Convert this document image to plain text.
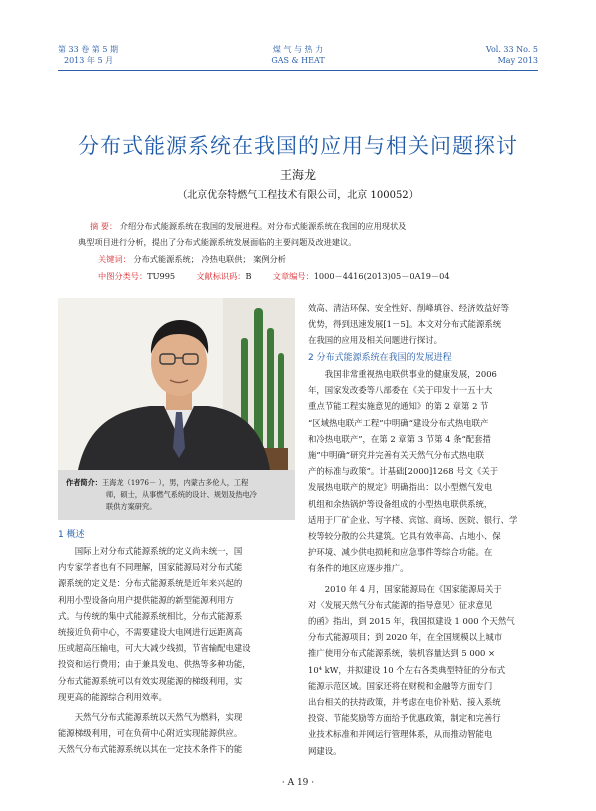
第 33 卷 第 5 期
2013 年 5 月
煤 气 与 热 力
GAS & HEAT
Vol. 33 No. 5
May 2013
分布式能源系统在我国的应用与相关问题探讨
王海龙
（北京优奈特燃气工程技术有限公司，北京 100052）
摘 要： 介绍分布式能源系统在我国的发展进程。对分布式能源系统在我国的应用现状及
典型项目进行分析，提出了分布式能源系统发展面临的主要问题及改进建议。
关键词： 分布式能源系统； 冷热电联供； 案例分析
中图分类号：TU995	文献标识码：B	文章编号：1000－4416(2013)05－0A19－04
作者简介：王海龙（1976－ ），男，内蒙古多伦人，工程
师，硕士，从事燃气系统的设计、规划及热电冷
联供方案研究。
1 概述
国际上对分布式能源系统的定义尚未统一，国
内专家学者也有不同理解，国家能源局对分布式能
源系统的定义是：分布式能源系统是近年来兴起的
利用小型设备向用户提供能源的新型能源利用方
式。与传统的集中式能源系统相比，分布式能源系
统接近负荷中心，不需要建设大电网进行远距离高
压或超高压输电，可大大减少线损，节省输配电建设
投资和运行费用；由于兼具发电、供热等多种功能，
分布式能源系统可以有效实现能源的梯级利用，实
现更高的能源综合利用效率。
天然气分布式能源系统以天然气为燃料，实现
能源梯级利用，可在负荷中心附近实现能源供应。
天然气分布式能源系统以其在一定技术条件下的能
效高、清洁环保、安全性好、削峰填谷、经济效益好等
优势，得到迅速发展[1－5]。本文对分布式能源系统
在我国的应用及相关问题进行探讨。
2 分布式能源系统在我国的发展进程
我国非常重视热电联供事业的健康发展，2006
年，国家发改委等八部委在《关于印发十一五十大
重点节能工程实施意见的通知》的第 2 章第 2 节
“区域热电联产工程”中明确“建设分布式热电联产
和冷热电联产”，在第 2 章第 3 节第 4 条“配套措
施”中明确“研究并完善有关天然气分布式热电联
产的标准与政策”。计基础[2000]1268 号文《关于
发展热电联产的规定》明确指出：以小型燃气发电
机组和余热锅炉等设备组成的小型热电联供系统，
适用于厂矿企业、写字楼、宾馆、商场、医院、银行、学
校等较分散的公共建筑。它具有效率高、占地小、保
护环境、减少供电损耗和应急事件等综合功能。在
有条件的地区应逐步推广。
2010 年 4 月，国家能源局在《国家能源局关于
对〈发展天然气分布式能源的指导意见〉征求意见
的函》指出，到 2015 年，我国拟建设 1 000 个天然气
分布式能源项目；到 2020 年，在全国规模以上城市
推广使用分布式能源系统，装机容量达到 5 000 ×
10⁴ kW，并拟建设 10 个左右各类典型特征的分布式
能源示范区域。国家还将在财税和金融等方面专门
出台相关的扶持政策，并考虑在电价补贴、接入系统
投资、节能奖励等方面给予优惠政策，制定和完善行
业技术标准和并网运行管理体系，从而推动智能电
网建设。
· A 19 ·
